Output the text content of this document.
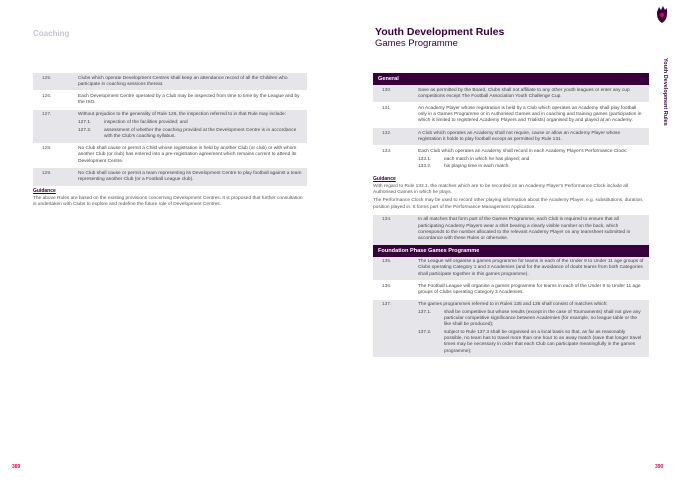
Coaching	Youth Development Rules
Games Programme
Youth Development Rules
125.	Clubs which operate Development Centres shall keep an attendance record of all the Children who participate in coaching sessions thereat.
126.	Each Development Centre operated by a Club may be inspected from time to time by the League and by the ISO.
127.	Without prejudice to the generality of Rule 126, the inspection referred to in that Rule may include:
127.1. inspection of the facilities provided; and
127.2. assessment of whether the coaching provided at the Development Centre is in accordance with the Club's coaching syllabus.

128.	No Club shall cause or permit a Child whose registration is held by another Club (or club) or with whom another Club (or club) has entered into a pre-registration agreement which remains current to attend its Development Centre.
129.	No Club shall cause or permit a team representing its Development Centre to play football against a team representing another Club (or a Football League club).
Guidance
The above Rules are based on the existing provisions concerning Development Centres. It is proposed that further consultation is undertaken with Clubs to explore and redefine the future role of Development Centres.
General
130.	Save as permitted by the Board, Clubs shall not affiliate to any other youth leagues or enter any cup competitions except The Football Association Youth Challenge Cup.
131.	An Academy Player whose registration is held by a Club which operates an Academy shall play football only in a Games Programme or in Authorised Games and in coaching and training games (participation in which is limited to registered Academy Players and Trialists) organised by and played at an Academy.
132.	A Club which operates an Academy shall not require, cause or allow an Academy Player whose registration it holds to play football except as permitted by Rule 131.
133.	Each Club which operates an Academy shall record in each Academy Player's Performance Clock:
133.1. each match in which he has played; and
133.2. his playing time in each match.
Guidance
With regard to Rule 133.1, the matches which are to be recorded on an Academy Player's Performance Clock include all Authorised Games in which he plays.
The Performance Clock may be used to record other playing information about the Academy Player, e.g. substitutions, duration, position played in. It forms part of the Performance Management Application.
134.	In all matches that form part of the Games Programme, each Club is required to ensure that all participating Academy Players wear a shirt bearing a clearly visible number on the back, which corresponds to the number allocated to the relevant Academy Player on any teamsheet submitted in accordance with these Rules or otherwise.
Foundation Phase Games Programme
135.	The League will organise a games programme for teams in each of the Under 9 to Under 11 age groups of Clubs operating Category 1 and 2 Academies (and for the avoidance of doubt teams from both Categories shall participate together in this games programme).
136.	The Football League will organise a games programme for teams in each of the Under 9 to Under 11 age groups of Clubs operating Category 3 Academies.
137.	The games programmes referred to in Rules 135 and 136 shall consist of matches which:
137.1. shall be competitive but whose results (except in the case of Tournaments) shall not give any particular competitive significance between Academies (for example, no league table or the like shall be produced);
137.2. subject to Rule 137.3 shall be organised on a local basis so that, as far as reasonably possible, no team has to travel more than one hour to an away match (save that longer travel times may be necessary in order that each Club can participate meaningfully in the games programme);
389	390
